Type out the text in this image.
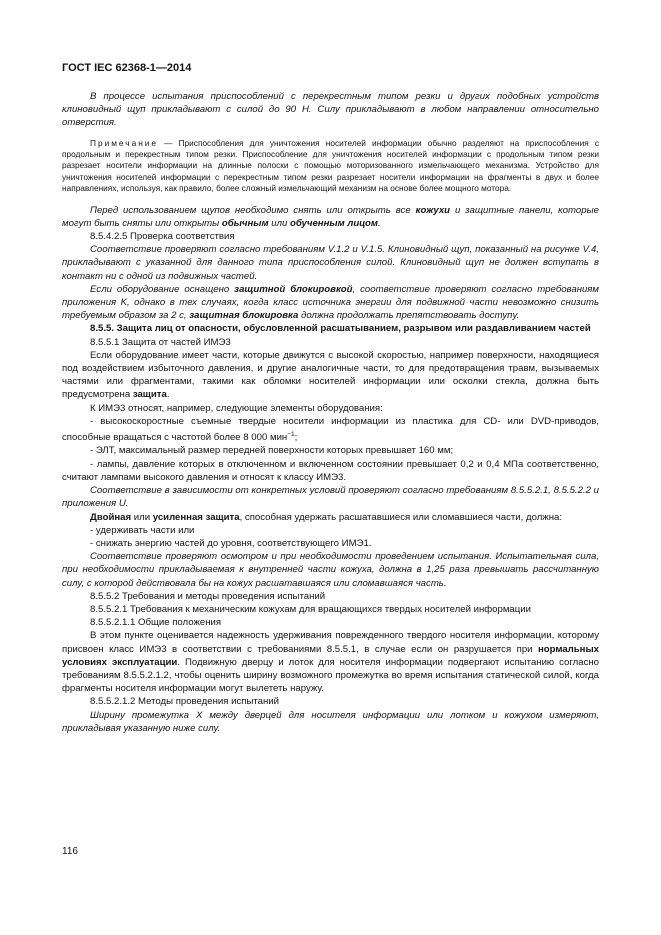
ГОСТ IEC 62368-1—2014

В процессе испытания приспособлений с перекрестным типом резки и других подобных устройств клиновидный щуп прикладывают с силой до 90 Н. Силу прикладывают в любом направлении относительно отверстия.

Примечание — Приспособления для уничтожения носителей информации обычно разделяют на приспособления с продольным и перекрестным типом резки. Приспособление для уничтожения носителей информации с продольным типом резки разрезает носители информации на длинные полоски с помощью моторизованного измельчающего механизма. Устройство для уничтожения носителей информации с перекрестным типом резки разрезает носители информации на фрагменты в двух и более направлениях, используя, как правило, более сложный измельчающий механизм на основе более мощного мотора.

Перед использованием щупов необходимо снять или открыть все кожухи и защитные панели, которые могут быть сняты или открыты обычным или обученным лицом.

8.5.4.2.5 Проверка соответствия

Соответствие проверяют согласно требованиям V.1.2 и V.1.5. Клиновидный щуп, показанный на рисунке V.4, прикладывают с указанной для данного типа приспособления силой. Клиновидный щуп не должен вступать в контакт ни с одной из подвижных частей.

Если оборудование оснащено защитной блокировкой, соответствие проверяют согласно требованиям приложения K, однако в тех случаях, когда класс источника энергии для подвижной части невозможно снизить требуемым образом за 2 с, защитная блокировка должна продолжать препятствовать доступу.

8.5.5. Защита лиц от опасности, обусловленной расшатыванием, разрывом или раздавливанием частей

8.5.5.1 Защита от частей ИМЭ3

Если оборудование имеет части, которые движутся с высокой скоростью, например поверхности, находящиеся под воздействием избыточного давления, и другие аналогичные части, то для предотвращения травм, вызываемых частями или фрагментами, такими как обломки носителей информации или осколки стекла, должна быть предусмотрена защита.

К ИМЭ3 относят, например, следующие элементы оборудования:

- высокоскоростные съемные твердые носители информации из пластика для CD- или DVD-приводов, способные вращаться с частотой более 8 000 мин$^{-1}$;

- ЭЛТ, максимальный размер передней поверхности которых превышает 160 мм;

- лампы, давление которых в отключенном и включенном состоянии превышает 0,2 и 0,4 МПа соответственно, считают лампами высокого давления и относят к классу ИМЭ3.

Соответствие в зависимости от конкретных условий проверяют согласно требованиям 8.5.5.2.1, 8.5.5.2.2 и приложения U.

Двойная или усиленная защита, способная удержать расшатавшиеся или сломавшиеся части, должна:

- удерживать части или

- снижать энергию частей до уровня, соответствующего ИМЭ1.

Соответствие проверяют осмотром и при необходимости проведением испытания. Испытательная сила, при необходимости прикладываемая к внутренней части кожуха, должна в 1,25 раза превышать рассчитанную силу, с которой действовала бы на кожух расшатавшаяся или сломавшаяся часть.

8.5.5.2 Требования и методы проведения испытаний

8.5.5.2.1 Требования к механическим кожухам для вращающихся твердых носителей информации

8.5.5.2.1.1 Общие положения

В этом пункте оценивается надежность удерживания поврежденного твердого носителя информации, которому присвоен класс ИМЭ3 в соответствии с требованиями 8.5.5.1, в случае если он разрушается при нормальных условиях эксплуатации. Подвижную дверцу и лоток для носителя информации подвергают испытанию согласно требованиям 8.5.5.2.1.2, чтобы оценить ширину возможного промежутка во время испытания статической силой, когда фрагменты носителя информации могут вылететь наружу.

8.5.5.2.1.2 Методы проведения испытаний

Ширину промежутка X между дверцей для носителя информации или лотком и кожухом измеряют, прикладывая указанную ниже силу.

116
